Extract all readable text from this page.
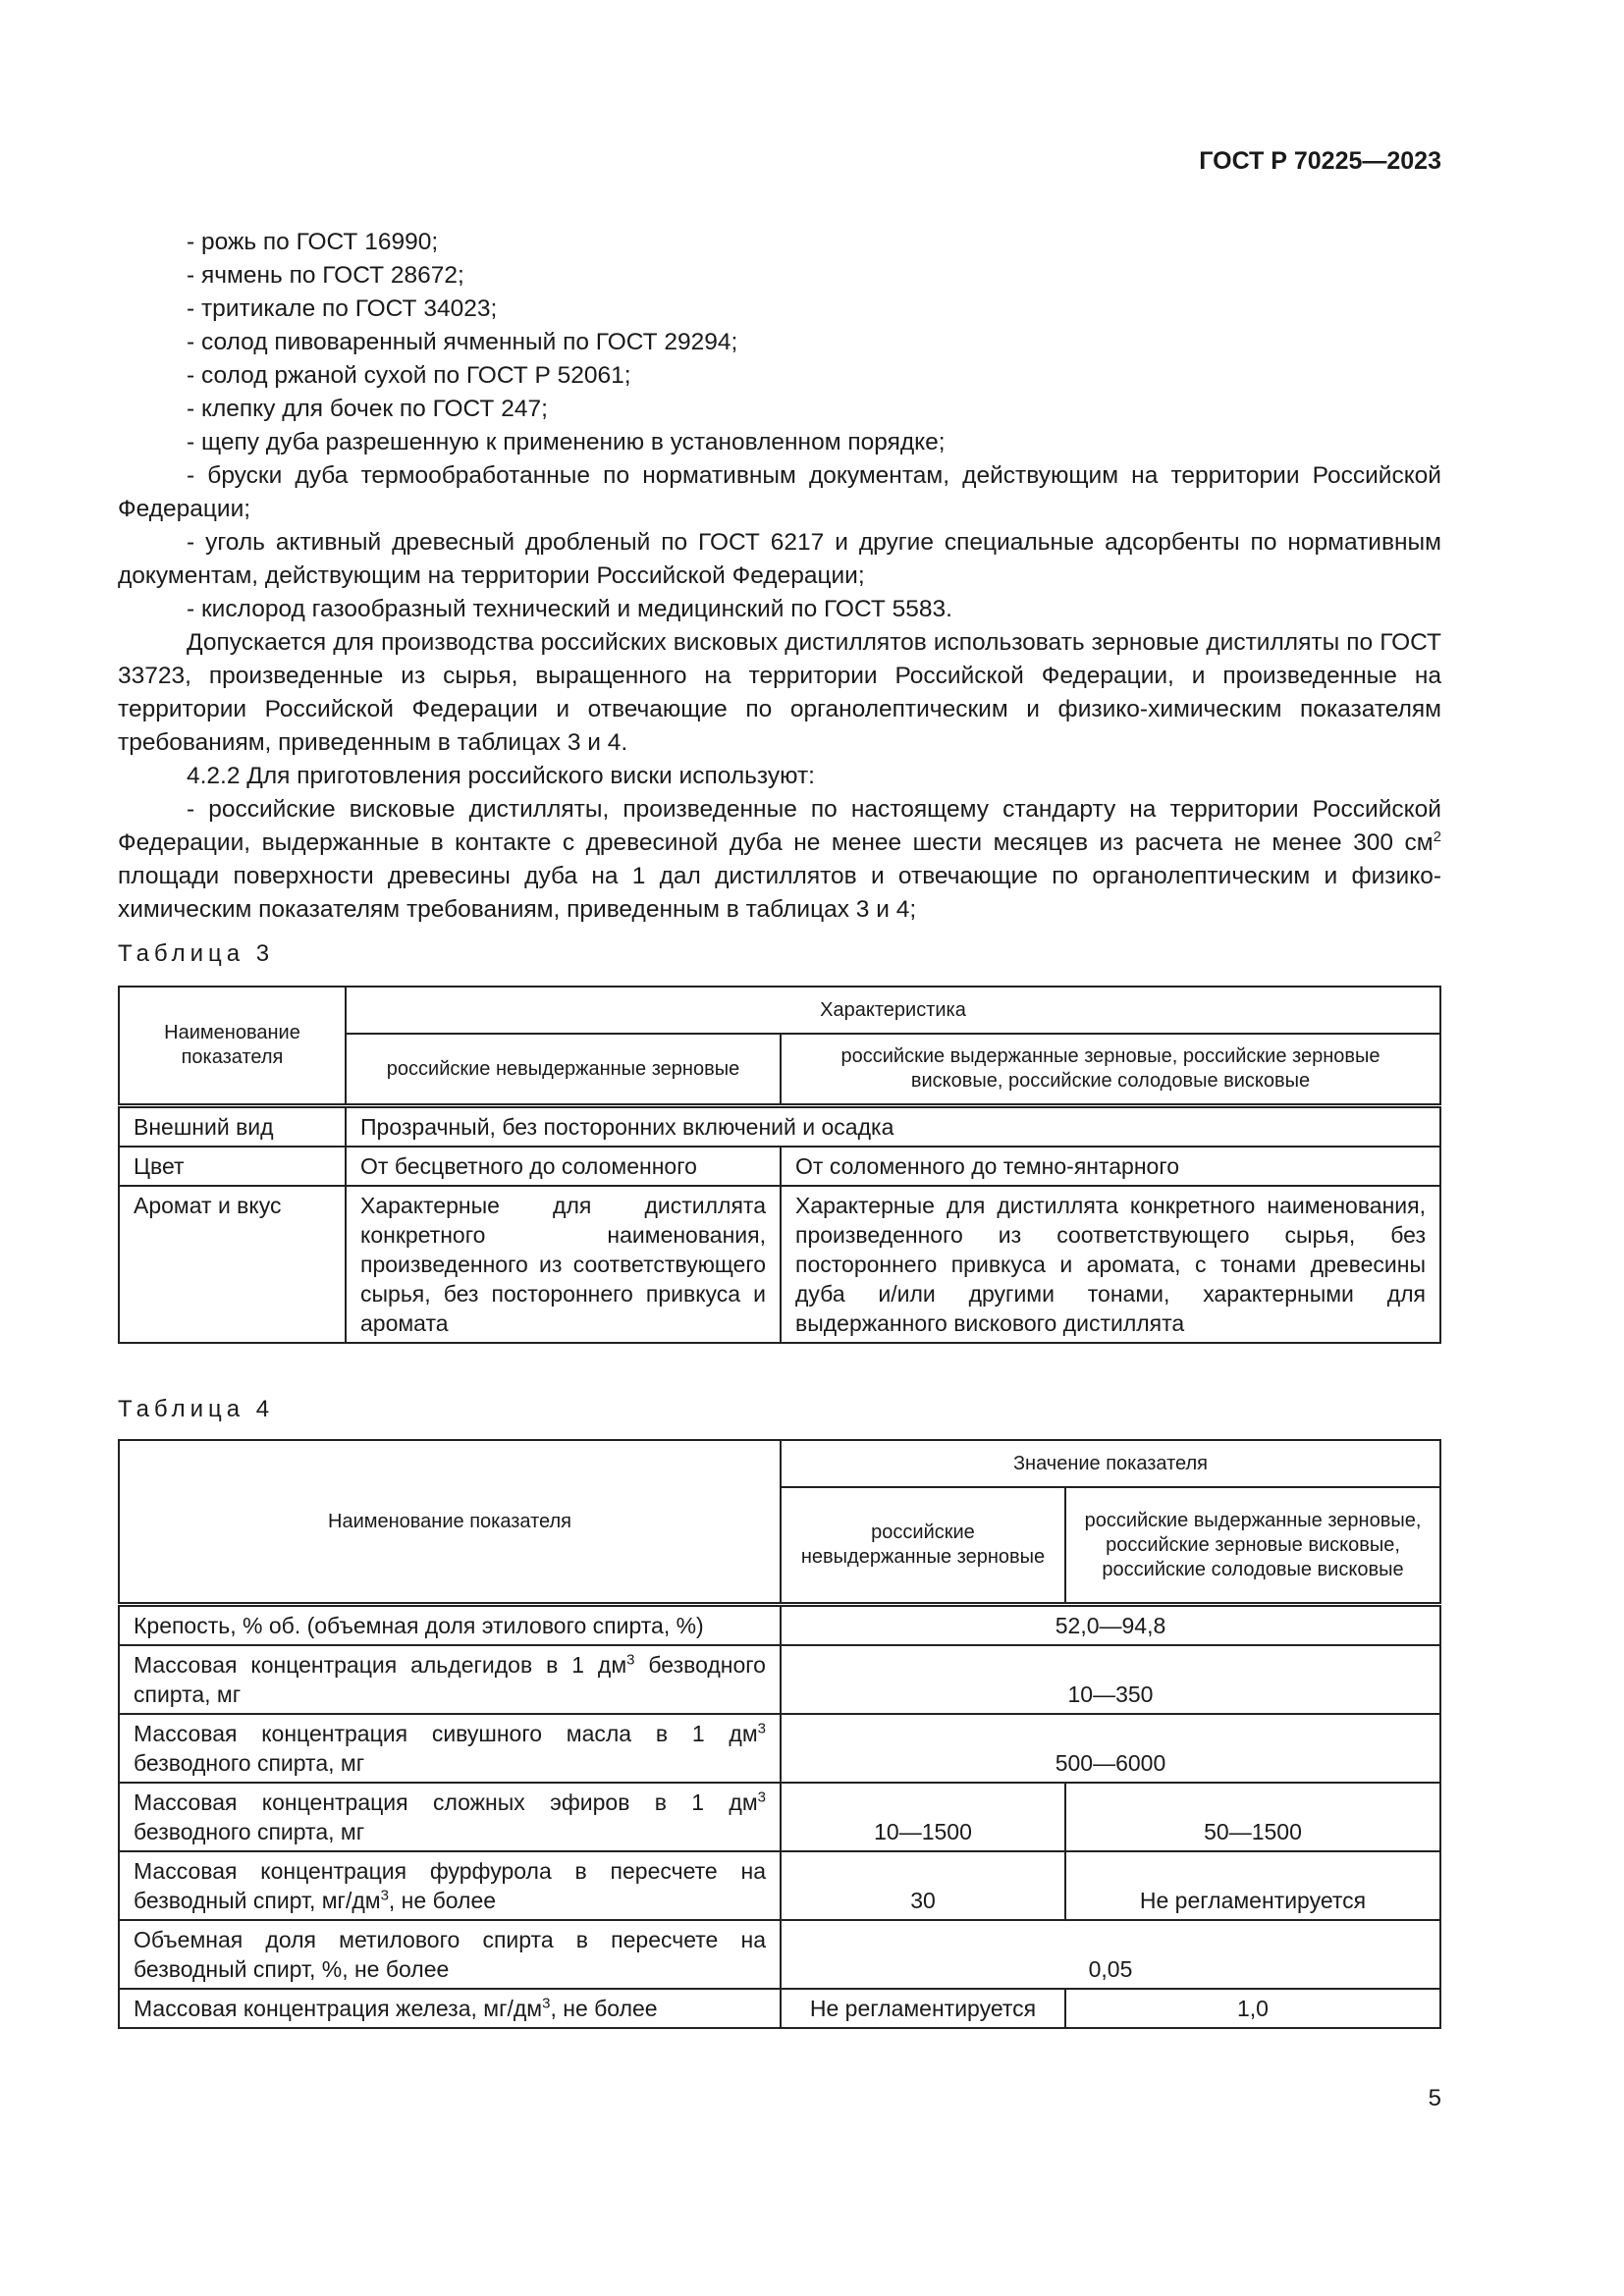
ГОСТ Р 70225—2023

- рожь по ГОСТ 16990;

- ячмень по ГОСТ 28672;

- тритикале по ГОСТ 34023;

- солод пивоваренный ячменный по ГОСТ 29294;

- солод ржаной сухой по ГОСТ Р 52061;

- клепку для бочек по ГОСТ 247;

- щепу дуба разрешенную к применению в установленном порядке;

- бруски дуба термообработанные по нормативным документам, действующим на территории Российской Федерации;

- уголь активный древесный дробленый по ГОСТ 6217 и другие специальные адсорбенты по нормативным документам, действующим на территории Российской Федерации;

- кислород газообразный технический и медицинский по ГОСТ 5583.

Допускается для производства российских висковых дистиллятов использовать зерновые дистилляты по ГОСТ 33723, произведенные из сырья, выращенного на территории Российской Федерации, и произведенные на территории Российской Федерации и отвечающие по органолептическим и физико-химическим показателям требованиям, приведенным в таблицах 3 и 4.

4.2.2 Для приготовления российского виски используют:

- российские висковые дистилляты, произведенные по настоящему стандарту на территории Российской Федерации, выдержанные в контакте с древесиной дуба не менее шести месяцев из расчета не менее 300 $см^2$ площади поверхности древесины дуба на 1 дал дистиллятов и отвечающие по органолептическим и физико-химическим показателям требованиям, приведенным в таблицах 3 и 4;

Таблица 3
Наименование показателя	Характеристика	
	российские невыдержанные зерновые	российские выдержанные зерновые, российские зерновые висковые, российские солодовые висковые
Внешний вид	Прозрачный, без посторонних включений и осадка	
Цвет	От бесцветного до соломенного	От соломенного до темно-янтарного
Аромат и вкус	Характерные для дистиллята конкретного наименования, произведенного из соответствующего сырья, без постороннего привкуса и аромата	Характерные для дистиллята конкретного наименования, произведенного из соответствующего сырья, без постороннего привкуса и аромата, с тонами древесины дуба и/или другими тонами, характерными для выдержанного вискового дистиллята
Таблица 4
Наименование показателя	Значение показателя	
	российские невыдержанные зерновые	российские выдержанные зерновые, российские зерновые висковые, российские солодовые висковые
Крепость, % об. (объемная доля этилового спирта, %)	52,0—94,8	
Массовая концентрация альдегидов в 1 $дм^3$ безводного спирта, мг	10—350	
Массовая концентрация сивушного масла в 1 $дм^3$ безводного спирта, мг	500—6000	
Массовая концентрация сложных эфиров в 1 $дм^3$ безводного спирта, мг	10—1500	50—1500
Массовая концентрация фурфурола в пересчете на безводный спирт, $мг/дм^3$, не более	30	Не регламентируется
Объемная доля метилового спирта в пересчете на безводный спирт, %, не более	0,05	
Массовая концентрация железа, $мг/дм^3$, не более	Не регламентируется	1,0
5
